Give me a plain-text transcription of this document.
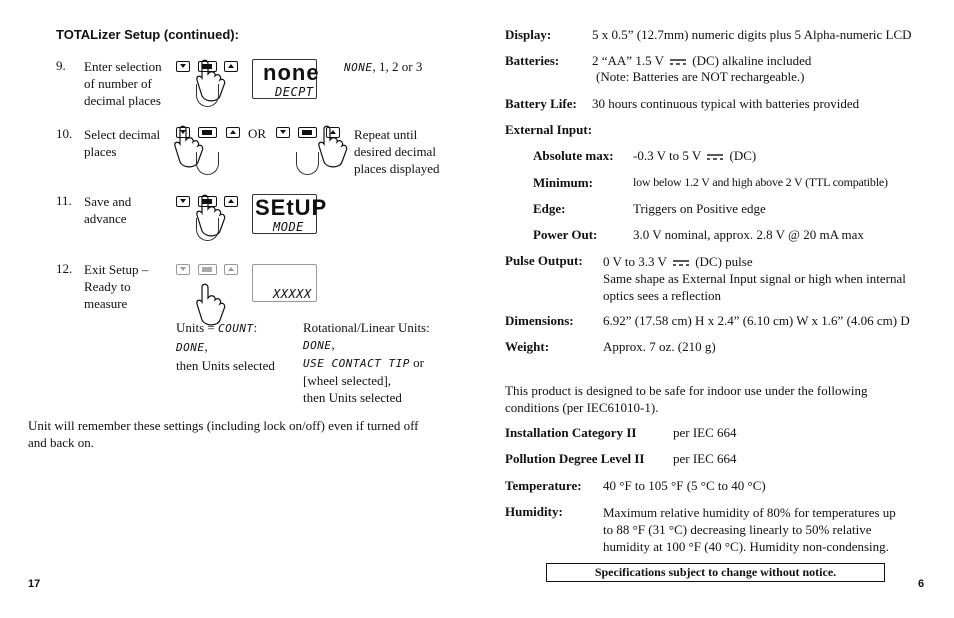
TOTALizer Setup (continued):
9. Enter selection
of number of
decimal places
none
DECPT
NONE, 1, 2 or 3
10. Select decimal
places
OR	Repeat until
desired decimal
places displayed
11. Save and
advance	SEtUP
MODE
12. Exit Setup –
Ready to
measure
XXXXX
Units = COUNT:
DONE,
then Units selected
Rotational/Linear Units:
DONE,
USE CONTACT TIP or
[wheel selected],
then Units selected
Unit will remember these settings (including lock on/off) even if turned off
and back on.
17
Display:	5 x 0.5” (12.7mm) numeric digits plus 5 Alpha-numeric LCD
Batteries:	2 “AA” 1.5 V (DC) alkaline included
(Note: Batteries are NOT rechargeable.)
Battery Life: 30 hours continuous typical with batteries provided
External Input:
Absolute max: -0.3 V to 5 V (DC)
Minimum:	low below 1.2 V and high above 2 V (TTL compatible)
Edge:	Triggers on Positive edge
Power Out:	3.0 V nominal, approx. 2.8 V @ 20 mA max
Pulse Output: 0 V to 3.3 V (DC) pulse
Same shape as External Input signal or high when internal
optics sees a reflection
Dimensions: 6.92” (17.58 cm) H x 2.4” (6.10 cm) W x 1.6” (4.06 cm) D
Weight:	Approx. 7 oz. (210 g)
This product is designed to be safe for indoor use under the following
conditions (per IEC61010-1).
Installation Category II	per IEC 664
Pollution Degree Level II per IEC 664
Temperature: 40 °F to 105 °F (5 °C to 40 °C)
Humidity:	Maximum relative humidity of 80% for temperatures up
to 88 °F (31 °C) decreasing linearly to 50% relative
humidity at 100 °F (40 °C). Humidity non-condensing.
Specifications subject to change without notice.
6
